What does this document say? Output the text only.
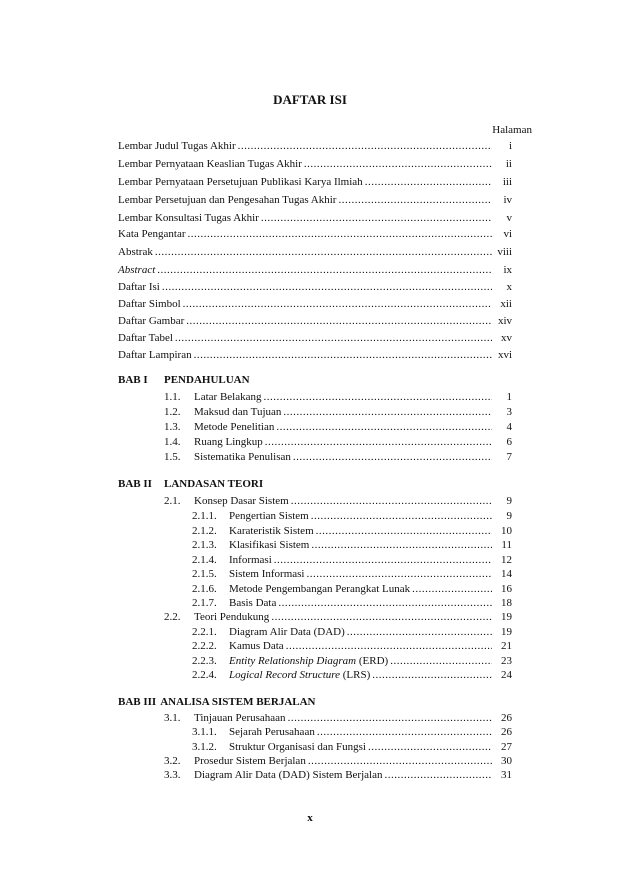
DAFTAR ISI
Halaman
Lembar Judul Tugas Akhir .....	i
Lembar Pernyataan Keaslian Tugas Akhir .....	ii
Lembar Pernyataan Persetujuan Publikasi Karya Ilmiah .....	iii
Lembar Persetujuan dan Pengesahan Tugas Akhir .....	iv
Lembar Konsultasi Tugas Akhir .....	v
Kata Pengantar .....	vi
Abstrak .....	viii
Abstract .....	ix
Daftar Isi .....	x
Daftar Simbol .....	xii
Daftar Gambar .....	xiv
Daftar Tabel .....	xv
Daftar Lampiran .....	xvi
BAB I PENDAHULUAN
1.1.	Latar Belakang .....	1
1.2.	Maksud dan Tujuan .....	3
1.3.	Metode Penelitian .....	4
1.4.	Ruang Lingkup .....	6
1.5.	Sistematika Penulisan .....	7
BAB II LANDASAN TEORI
2.1.	Konsep Dasar Sistem .....	9
2.1.1.	Pengertian Sistem .....	9
2.1.2.	Karateristik Sistem .....	10
2.1.3.	Klasifikasi Sistem .....	11
2.1.4.	Informasi .....	12
2.1.5.	Sistem Informasi .....	14
2.1.6.	Metode Pengembangan Perangkat Lunak .....	16
2.1.7.	Basis Data .....	18
2.2.	Teori Pendukung .....	19
2.2.1.	Diagram Alir Data (DAD) .....	19
2.2.2.	Kamus Data .....	21
2.2.3.	Entity Relationship Diagram (ERD) .....	23
2.2.4.	Logical Record Structure (LRS) .....	24
BAB III ANALISA SISTEM BERJALAN
3.1.	Tinjauan Perusahaan .....	26
3.1.1.	Sejarah Perusahaan .....	26
3.1.2.	Struktur Organisasi dan Fungsi .....	27
3.2.	Prosedur Sistem Berjalan .....	30
3.3.	Diagram Alir Data (DAD) Sistem Berjalan .....	31
x
